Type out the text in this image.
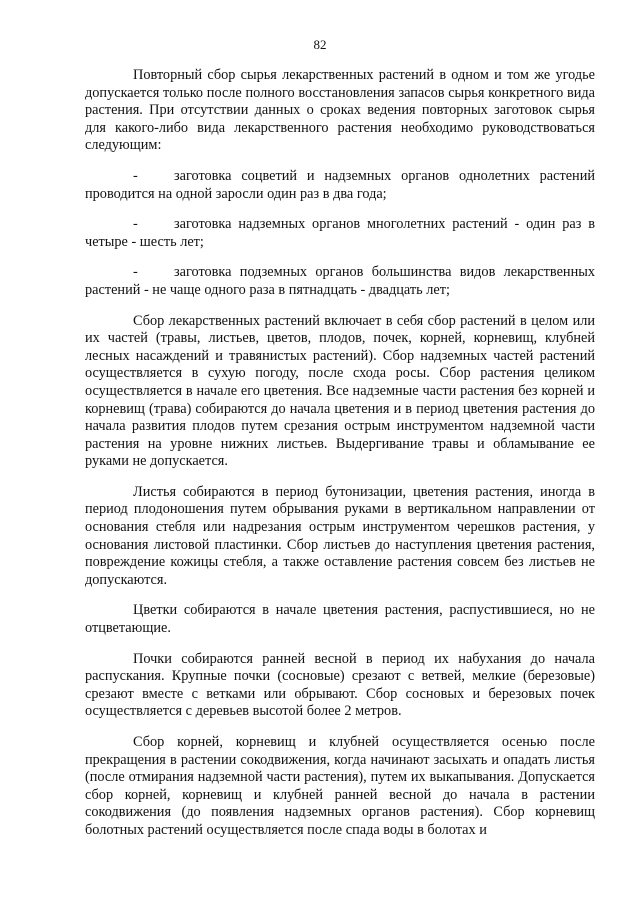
82

Повторный сбор сырья лекарственных растений в одном и том же угодье допускается только после полного восстановления запасов сырья конкретного вида растения. При отсутствии данных о сроках ведения повторных заготовок сырья для какого-либо вида лекарственного растения необходимо руководствоваться следующим:

-	заготовка соцветий и надземных органов однолетних растений проводится на одной заросли один раз в два года;

-	заготовка надземных органов многолетних растений - один раз в четыре - шесть лет;

-	заготовка подземных органов большинства видов лекарственных растений - не чаще одного раза в пятнадцать - двадцать лет;

Сбор лекарственных растений включает в себя сбор растений в целом или их частей (травы, листьев, цветов, плодов, почек, корней, корневищ, клубней лесных насаждений и травянистых растений). Сбор надземных частей растений осуществляется в сухую погоду, после схода росы. Сбор растения целиком осуществляется в начале его цветения. Все надземные части растения без корней и корневищ (трава) собираются до начала цветения и в период цветения растения до начала развития плодов путем срезания острым инструментом надземной части растения на уровне нижних листьев. Выдергивание травы и обламывание ее руками не допускается.

Листья собираются в период бутонизации, цветения растения, иногда в период плодоношения путем обрывания руками в вертикальном направлении от основания стебля или надрезания острым инструментом черешков растения, у основания листовой пластинки. Сбор листьев до наступления цветения растения, повреждение кожицы стебля, а также оставление растения совсем без листьев не допускаются.

Цветки собираются в начале цветения растения, распустившиеся, но не отцветающие.

Почки собираются ранней весной в период их набухания до начала распускания. Крупные почки (сосновые) срезают с ветвей, мелкие (березовые) срезают вместе с ветками или обрывают. Сбор сосновых и березовых почек осуществляется с деревьев высотой более 2 метров.

Сбор корней, корневищ и клубней осуществляется осенью после прекращения в растении сокодвижения, когда начинают засыхать и опадать листья (после отмирания надземной части растения), путем их выкапывания. Допускается сбор корней, корневищ и клубней ранней весной до начала в растении сокодвижения (до появления надземных органов растения). Сбор корневищ болотных растений осуществляется после спада воды в болотах и
